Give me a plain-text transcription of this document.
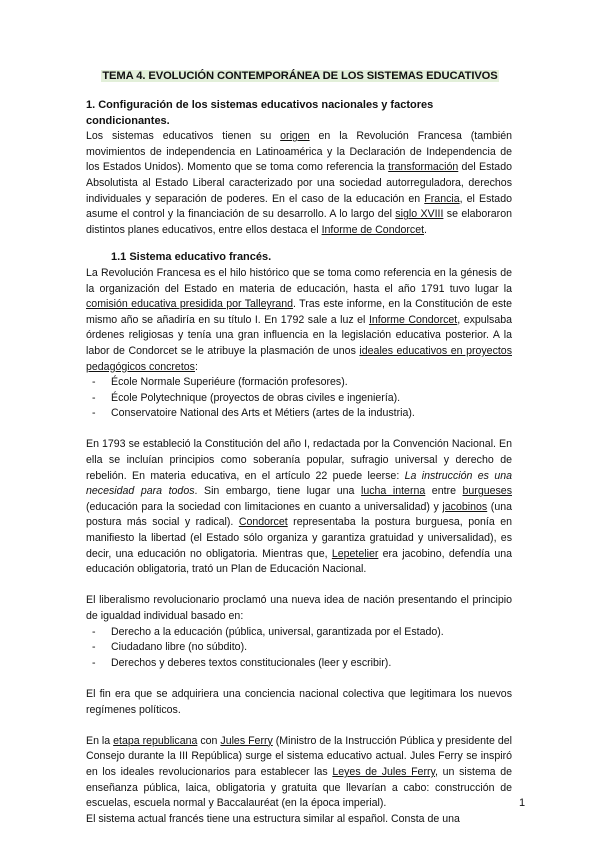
TEMA 4. EVOLUCIÓN CONTEMPORÁNEA DE LOS SISTEMAS EDUCATIVOS
1. Configuración de los sistemas educativos nacionales y factores condicionantes.

Los sistemas educativos tienen su origen en la Revolución Francesa (también movimientos de independencia en Latinoamérica y la Declaración de Independencia de los Estados Unidos). Momento que se toma como referencia la transformación del Estado Absolutista al Estado Liberal caracterizado por una sociedad autorreguladora, derechos individuales y separación de poderes. En el caso de la educación en Francia, el Estado asume el control y la financiación de su desarrollo. A lo largo del siglo XVIII se elaboraron distintos planes educativos, entre ellos destaca el Informe de Condorcet.

1.1 Sistema educativo francés.

La Revolución Francesa es el hilo histórico que se toma como referencia en la génesis de la organización del Estado en materia de educación, hasta el año 1791 tuvo lugar la comisión educativa presidida por Talleyrand. Tras este informe, en la Constitución de este mismo año se añadiría en su título I. En 1792 sale a luz el Informe Condorcet, expulsaba órdenes religiosas y tenía una gran influencia en la legislación educativa posterior. A la labor de Condorcet se le atribuye la plasmación de unos ideales educativos en proyectos pedagógicos concretos:

- École Normale Superiéure (formación profesores).
- École Polytechnique (proyectos de obras civiles e ingeniería).
- Conservatoire National des Arts et Métiers (artes de la industria).

En 1793 se estableció la Constitución del año I, redactada por la Convención Nacional. En ella se incluían principios como soberanía popular, sufragio universal y derecho de rebelión. En materia educativa, en el artículo 22 puede leerse: La instrucción es una necesidad para todos. Sin embargo, tiene lugar una lucha interna entre burgueses (educación para la sociedad con limitaciones en cuanto a universalidad) y jacobinos (una postura más social y radical). Condorcet representaba la postura burguesa, ponía en manifiesto la libertad (el Estado sólo organiza y garantiza gratuidad y universalidad), es decir, una educación no obligatoria. Mientras que, Lepetelier era jacobino, defendía una educación obligatoria, trató un Plan de Educación Nacional.

El liberalismo revolucionario proclamó una nueva idea de nación presentando el principio de igualdad individual basado en:

- Derecho a la educación (pública, universal, garantizada por el Estado).
- Ciudadano libre (no súbdito).
- Derechos y deberes textos constitucionales (leer y escribir).

El fin era que se adquiriera una conciencia nacional colectiva que legitimara los nuevos regímenes políticos.

En la etapa republicana con Jules Ferry (Ministro de la Instrucción Pública y presidente del Consejo durante la III República) surge el sistema educativo actual. Jules Ferry se inspiró en los ideales revolucionarios para establecer las Leyes de Jules Ferry, un sistema de enseñanza pública, laica, obligatoria y gratuita que llevarían a cabo: construcción de escuelas, escuela normal y Baccalauréat (en la época imperial).

El sistema actual francés tiene una estructura similar al español. Consta de una

1
